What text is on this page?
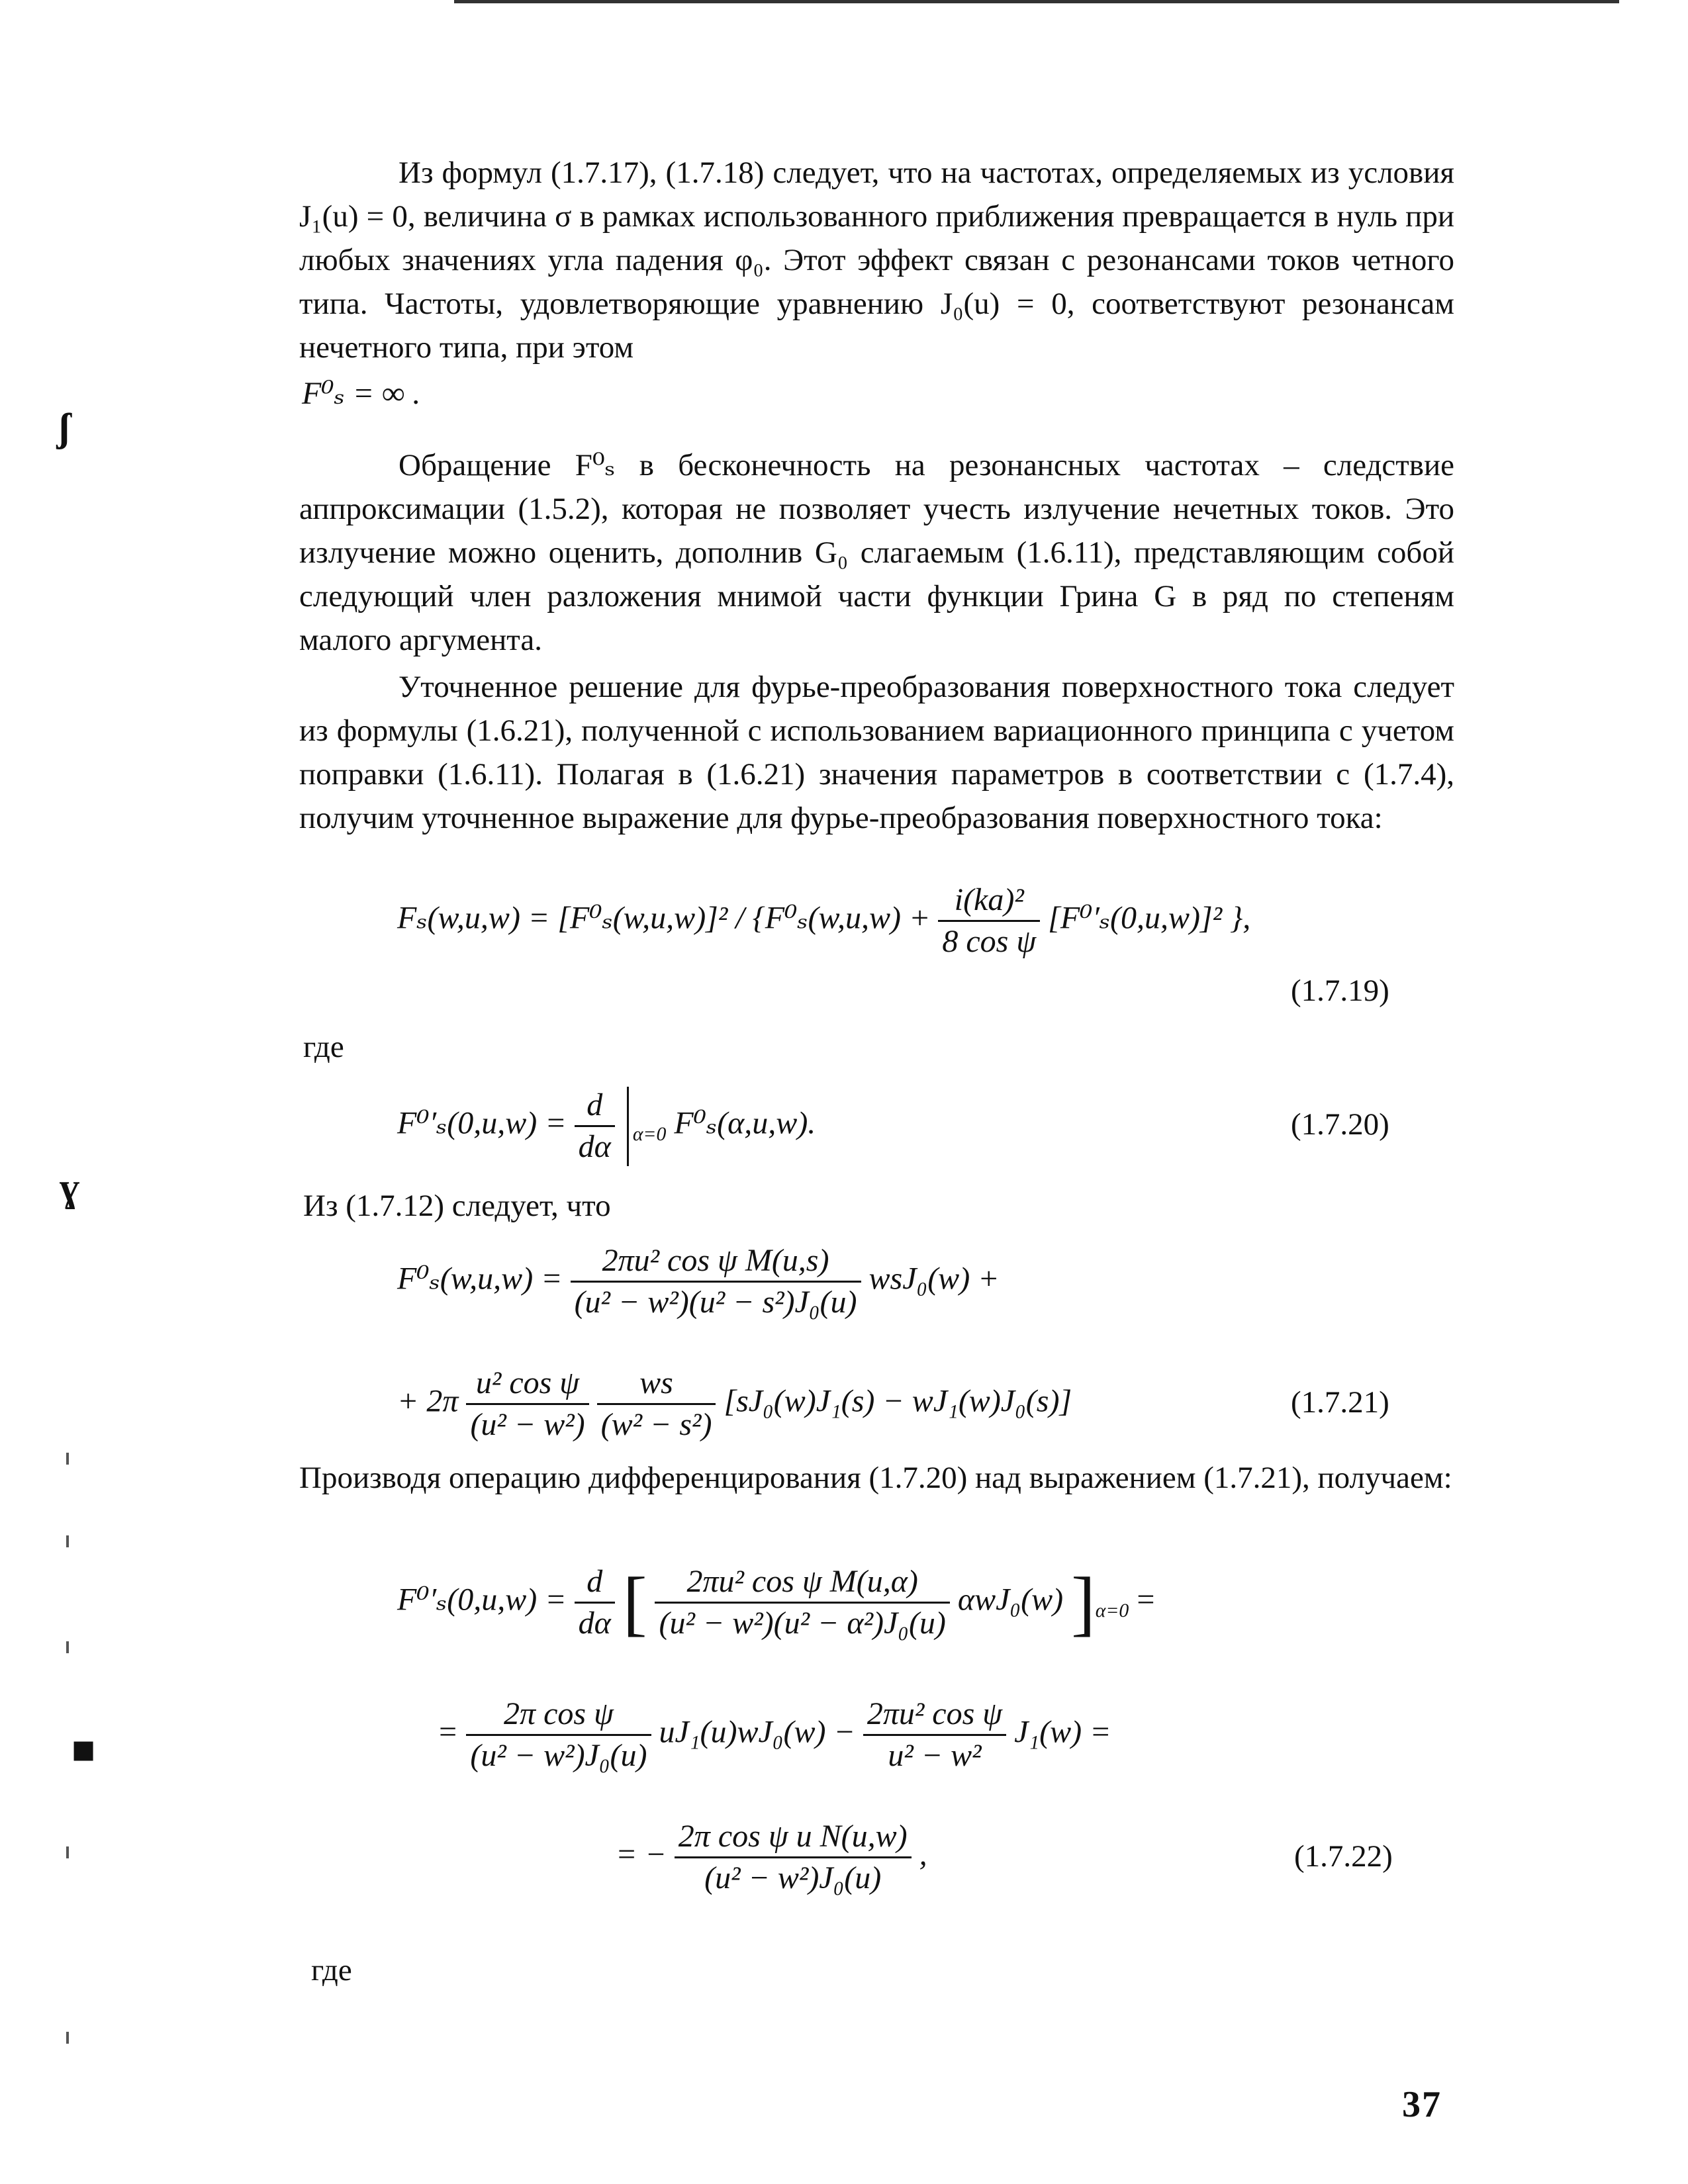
ʃ
ɣ
■

Из формул (1.7.17), (1.7.18) следует, что на частотах, определяемых из условия J₁(u) = 0, величина σ в рамках использованного приближения превращается в нуль при любых значениях угла падения φ₀. Этот эффект связан с резонансами токов четного типа. Частоты, удовлетворяющие уравнению J₀(u) = 0, соответствуют резонансам нечетного типа, при этом

F⁰ₛ = ∞ .

Обращение F⁰ₛ в бесконечность на резонансных частотах – следствие аппроксимации (1.5.2), которая не позволяет учесть излучение нечетных токов. Это излучение можно оценить, дополнив G₀ слагаемым (1.6.11), представляющим собой следующий член разложения мнимой части функции Грина G в ряд по степеням малого аргумента.

Уточненное решение для фурье-преобразования поверхностного тока следует из формулы (1.6.21), полученной с использованием вариационного принципа с учетом поправки (1.6.11). Полагая в (1.6.21) значения параметров в соответствии с (1.7.4), получим уточненное выражение для фурье-преобразования поверхностного тока:

$F_s(w,u,w) = [F^0_s(w,u,w)]^2 / \{F^0_s(w,u,w) + \frac{\text{i(ka)²}}{\text{8 cos ψ}} [F^0'_s(0,u,w)]^2$ },
(1.7.19)
где
$F^0'_s(0,u,w) = \frac{d}{d\alpha} _{\alpha=0}$ F⁰ₛ(α,u,w).	(1.7.20)
Из (1.7.12) следует, что
$F^0_s(w,u,w) = \frac{\text{2πu² cos ψ M(u,s)}}{\text{(u² − w²)(u² − s²)J₀(u)}} wsJ_0(w)$ +
+ $2\pi \frac{\text{u² cos ψ}}{\text{(u² − w²)}}$
$\frac{ws}{\text{(w² − s²)}} [sJ_0(w)J_1(s) - wJ_1(w)J_0(s)]$	(1.7.21)

Производя операцию дифференцирования (1.7.20) над выражением (1.7.21), получаем:

$F^0'_s(0,u,w) = \frac{d}{d\alpha}$ [ $\frac{\text{2πu² cos ψ M(u,α)}}{\text{(u² − w²)(u² − α²)J₀(u)}} \alpha wJ_0(w) ]_{\alpha=0}$ =
= $\frac{\text{2π cos ψ}}{\text{(u² − w²)J₀(u)}} uJ_1(u)wJ_0(w) - \frac{\text{2πu² cos ψ}}{\text{u² − w²}} J_1(w)$ =
= − $\frac{\text{2π cos ψ u N(u,w)}}{\text{(u² − w²)J₀(u)}}$ ,	(1.7.22)
где
37
